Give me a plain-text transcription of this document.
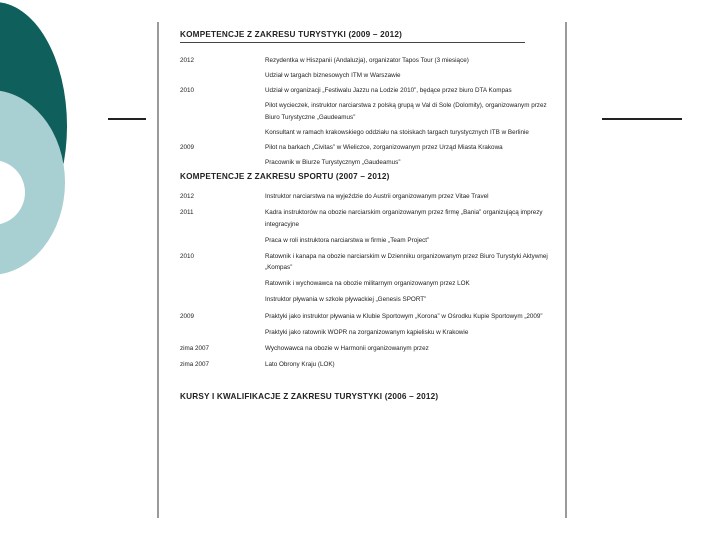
KOMPETENCJE Z ZAKRESU TURYSTYKI (2009 – 2012)
2012	Rezydentka w Hiszpanii (Andaluzja), organizator Tapos Tour (3 miesiące)
Udział w targach biznesowych ITM w Warszawie
2010	Udział w organizacji „Festiwalu Jazzu na Lodzie 2010”, będące przez biuro DTA Kompas
Pilot wycieczek, instruktor narciarstwa z polską grupą w Val di Sole (Dolomity), organizowanym przez Biuro Turystyczne „Gaudeamus”
Konsultant w ramach krakowskiego oddziału na stoiskach targach turystycznych ITB w Berlinie
2009	Pilot na barkach „Civitas” w Wieliczce, zorganizowanym przez Urząd Miasta Krakowa
Pracownik w Biurze Turystycznym „Gaudeamus”
KOMPETENCJE Z ZAKRESU SPORTU (2007 – 2012)
2012	Instruktor narciarstwa na wyjeździe do Austrii organizowanym przez Vitae Travel
2011	Kadra instruktorów na obozie narciarskim organizowanym przez firmę „Bania” organizującą imprezy integracyjne
Praca w roli instruktora narciarstwa w firmie „Team Project”
2010	Ratownik i kanapa na obozie narciarskim w Dzienniku organizowanym przez Biuro Turystyki Aktywnej „Kompas”
Ratownik i wychowawca na obozie militarnym organizowanym przez LOK
Instruktor pływania w szkole pływackiej „Genesis SPORT”
2009	Praktyki jako instruktor pływania w Klubie Sportowym „Korona” w Ośrodku Kupie Sportowym „2009”
Praktyki jako ratownik WOPR na zorganizowanym kąpielisku w Krakowie
zima 2007	Wychowawca na obozie w Harmonii organizowanym przez
zima 2007	Lato Obrony Kraju (LOK)
KURSY I KWALIFIKACJE Z ZAKRESU TURYSTYKI (2006 – 2012)
